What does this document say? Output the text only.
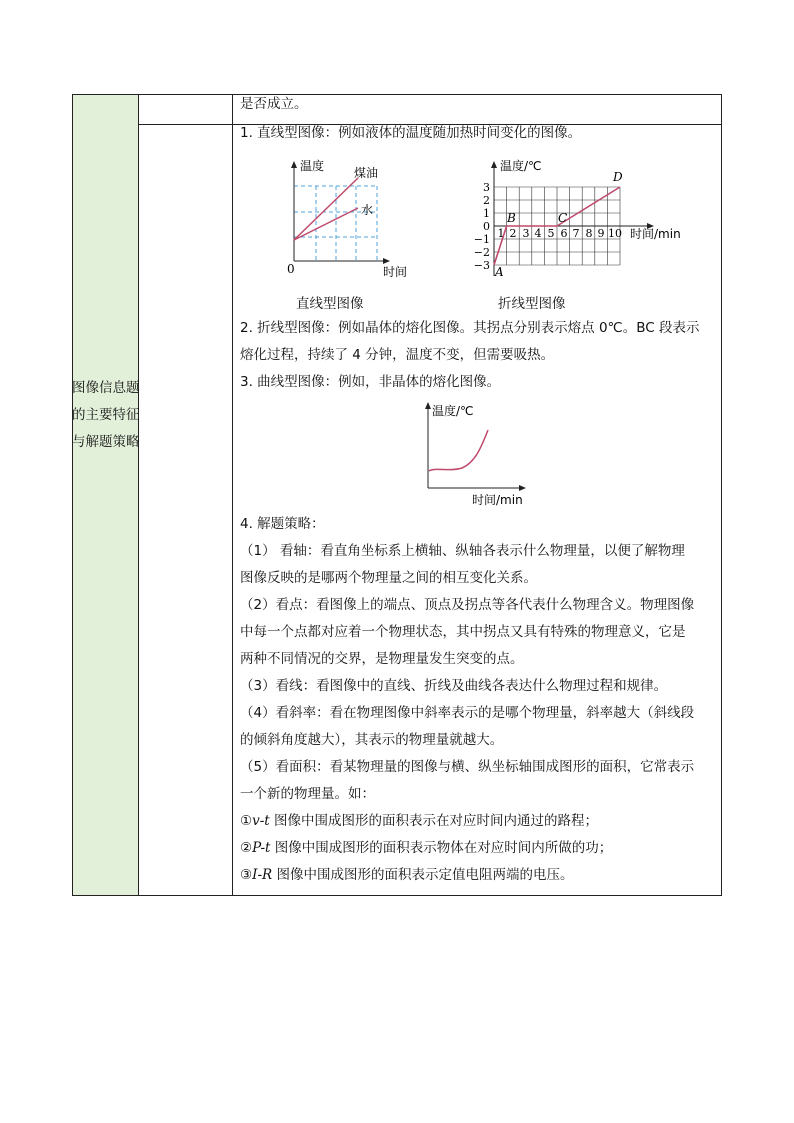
是否成立。
图像信息题
的主要特征
与解题策略
1. 直线型图像：例如液体的温度随加热时间变化的图像。
温度 煤油
水
0	时间
直线型图像
温度/℃
3
2
1
0
−1
−2
−3
1 2 3 4 5 6 7 8 9 10
A
B	C
D
时间/min
折线型图像
2. 折线型图像：例如晶体的熔化图像。其拐点分别表示熔点 0℃。BC 段表示
熔化过程，持续了 4 分钟，温度不变，但需要吸热。
3. 曲线型图像：例如，非晶体的熔化图像。
温度/℃
时间/min
4. 解题策略：
（1） 看轴：看直角坐标系上横轴、纵轴各表示什么物理量，以便了解物理
图像反映的是哪两个物理量之间的相互变化关系。
（2）看点：看图像上的端点、顶点及拐点等各代表什么物理含义。物理图像
中每一个点都对应着一个物理状态，其中拐点又具有特殊的物理意义，它是
两种不同情况的交界，是物理量发生突变的点。
（3）看线：看图像中的直线、折线及曲线各表达什么物理过程和规律。
（4）看斜率：看在物理图像中斜率表示的是哪个物理量，斜率越大（斜线段
的倾斜角度越大），其表示的物理量就越大。
（5）看面积：看某物理量的图像与横、纵坐标轴围成图形的面积，它常表示
一个新的物理量。如：
①v-t 图像中围成图形的面积表示在对应时间内通过的路程；
②P-t 图像中围成图形的面积表示物体在对应时间内所做的功；
③I-R 图像中围成图形的面积表示定值电阻两端的电压。
